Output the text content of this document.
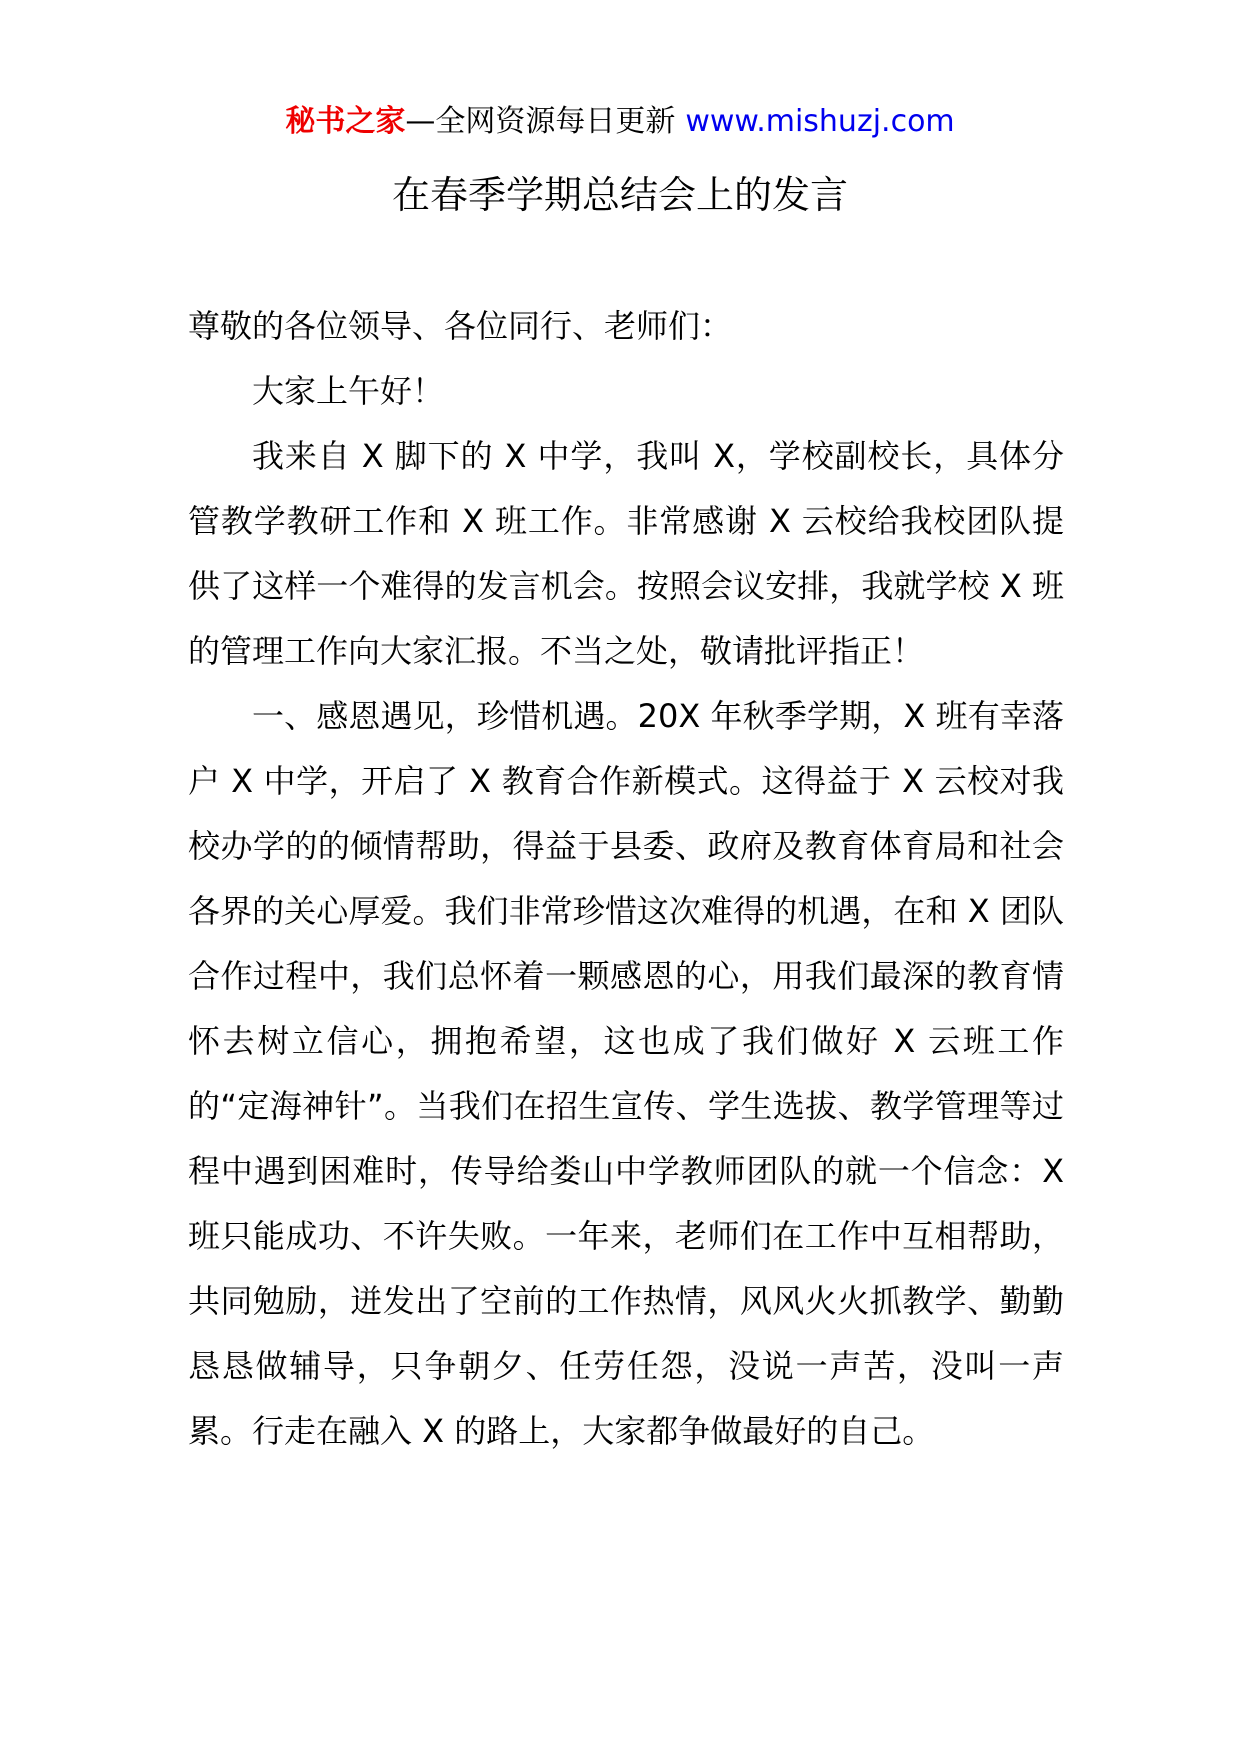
秘书之家—全网资源每日更新 www.mishuzj.com
在春季学期总结会上的发言

尊敬的各位领导、各位同行、老师们：

大家上午好！

我来自 X 脚下的 X 中学，我叫 X，学校副校长，具体分管教学教研工作和 X 班工作。非常感谢 X 云校给我校团队提供了这样一个难得的发言机会。按照会议安排，我就学校 X 班的管理工作向大家汇报。不当之处，敬请批评指正！

一、感恩遇见，珍惜机遇。20X 年秋季学期，X 班有幸落户 X 中学，开启了 X 教育合作新模式。这得益于 X 云校对我校办学的的倾情帮助，得益于县委、政府及教育体育局和社会各界的关心厚爱。我们非常珍惜这次难得的机遇，在和 X 团队合作过程中，我们总怀着一颗感恩的心，用我们最深的教育情怀去树立信心，拥抱希望，这也成了我们做好 X 云班工作的“定海神针”。当我们在招生宣传、学生选拔、教学管理等过程中遇到困难时，传导给娄山中学教师团队的就一个信念：X 班只能成功、不许失败。一年来，老师们在工作中互相帮助，共同勉励，迸发出了空前的工作热情，风风火火抓教学、勤勤恳恳做辅导，只争朝夕、任劳任怨，没说一声苦，没叫一声累。行走在融入 X 的路上，大家都争做最好的自己。
